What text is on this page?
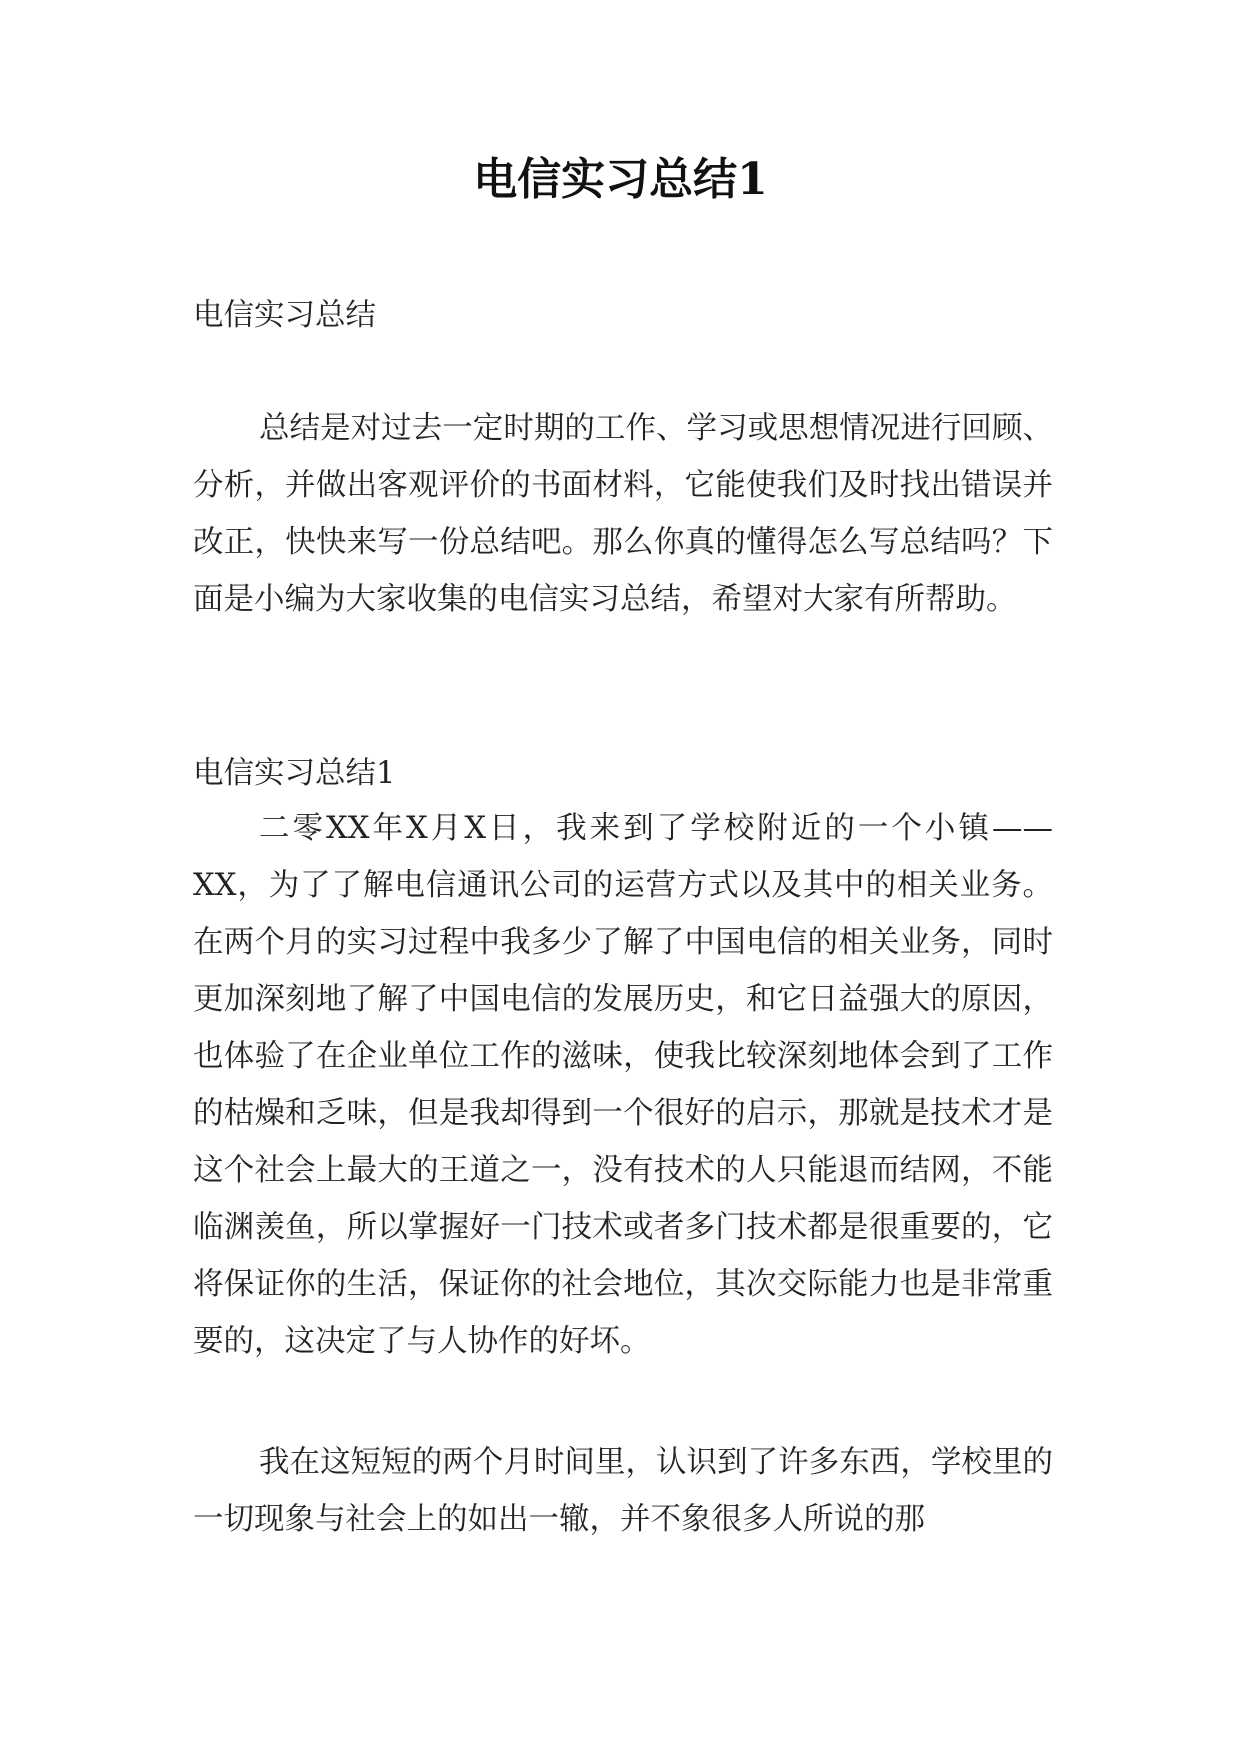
电信实习总结1

电信实习总结

总结是对过去一定时期的工作、学习或思想情况进行回顾、分析，并做出客观评价的书面材料，它能使我们及时找出错误并改正，快快来写一份总结吧。那么你真的懂得怎么写总结吗？下面是小编为大家收集的电信实习总结，希望对大家有所帮助。

电信实习总结1

二零XX年X月X日，我来到了学校附近的一个小镇——XX，为了了解电信通讯公司的运营方式以及其中的相关业务。在两个月的实习过程中我多少了解了中国电信的相关业务，同时更加深刻地了解了中国电信的发展历史，和它日益强大的原因，也体验了在企业单位工作的滋味，使我比较深刻地体会到了工作的枯燥和乏味，但是我却得到一个很好的启示，那就是技术才是这个社会上最大的王道之一，没有技术的人只能退而结网，不能临渊羡鱼，所以掌握好一门技术或者多门技术都是很重要的，它将保证你的生活，保证你的社会地位，其次交际能力也是非常重要的，这决定了与人协作的好坏。

我在这短短的两个月时间里，认识到了许多东西，学校里的一切现象与社会上的如出一辙，并不象很多人所说的那
